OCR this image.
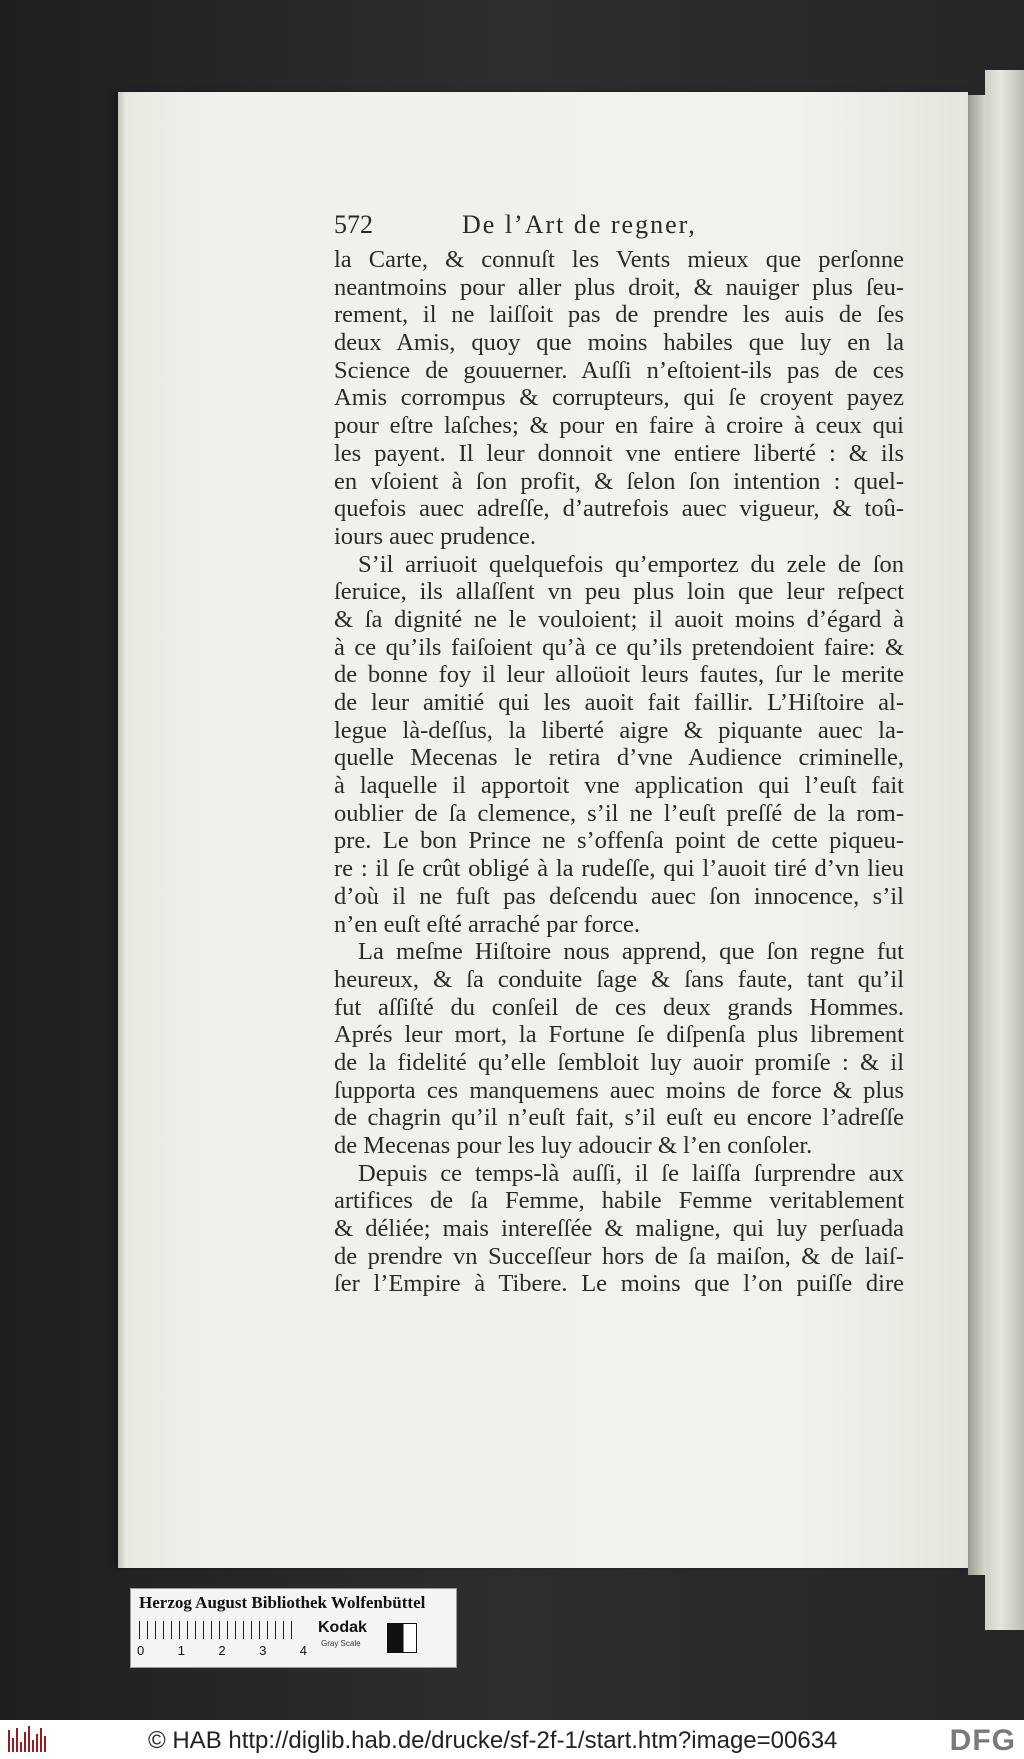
572	De l’Art de regner,
la Carte, & connuſt les Vents mieux que perſonne
neantmoins pour aller plus droit, & nauiger plus ſeu-
rement, il ne laiſſoit pas de prendre les auis de ſes
deux Amis, quoy que moins habiles que luy en la
Science de gouuerner. Auſſi n’eſtoient-ils pas de ces
Amis corrompus & corrupteurs, qui ſe croyent payez
pour eſtre laſches; & pour en faire à croire à ceux qui
les payent. Il leur donnoit vne entiere liberté : & ils
en vſoient à ſon profit, & ſelon ſon intention : quel-
quefois auec adreſſe, d’autrefois auec vigueur, & toû-
iours auec prudence.
S’il arriuoit quelquefois qu’emportez du zele de ſon
ſeruice, ils allaſſent vn peu plus loin que leur reſpect
& ſa dignité ne le vouloient; il auoit moins d’égard à
à ce qu’ils faiſoient qu’à ce qu’ils pretendoient faire: &
de bonne foy il leur alloüoit leurs fautes, ſur le merite
de leur amitié qui les auoit fait faillir. L’Hiſtoire al-
legue là-deſſus, la liberté aigre & piquante auec la-
quelle Mecenas le retira d’vne Audience criminelle,
à laquelle il apportoit vne application qui l’euſt fait
oublier de ſa clemence, s’il ne l’euſt preſſé de la rom-
pre. Le bon Prince ne s’offenſa point de cette piqueu-
re : il ſe crût obligé à la rudeſſe, qui l’auoit tiré d’vn lieu
d’où il ne fuſt pas deſcendu auec ſon innocence, s’il
n’en euſt eſté arraché par force.
La meſme Hiſtoire nous apprend, que ſon regne fut
heureux, & ſa conduite ſage & ſans faute, tant qu’il
fut aſſiſté du conſeil de ces deux grands Hommes.
Aprés leur mort, la Fortune ſe diſpenſa plus librement
de la fidelité qu’elle ſembloit luy auoir promiſe : & il
ſupporta ces manquemens auec moins de force & plus
de chagrin qu’il n’euſt fait, s’il euſt eu encore l’adreſſe
de Mecenas pour les luy adoucir & l’en conſoler.
Depuis ce temps-là auſſi, il ſe laiſſa ſurprendre aux
artifices de ſa Femme, habile Femme veritablement
& déliée; mais intereſſée & maligne, qui luy perſuada
de prendre vn Succeſſeur hors de ſa maiſon, & de laiſ-
ſer l’Empire à Tibere. Le moins que l’on puiſſe dire
Herzog August Bibliothek Wolfenbüttel
0	1	2	3	4
Kodak
Gray Scale
© HAB http://diglib.hab.de/drucke/sf-2f-1/start.htm?image=00634	DFG
